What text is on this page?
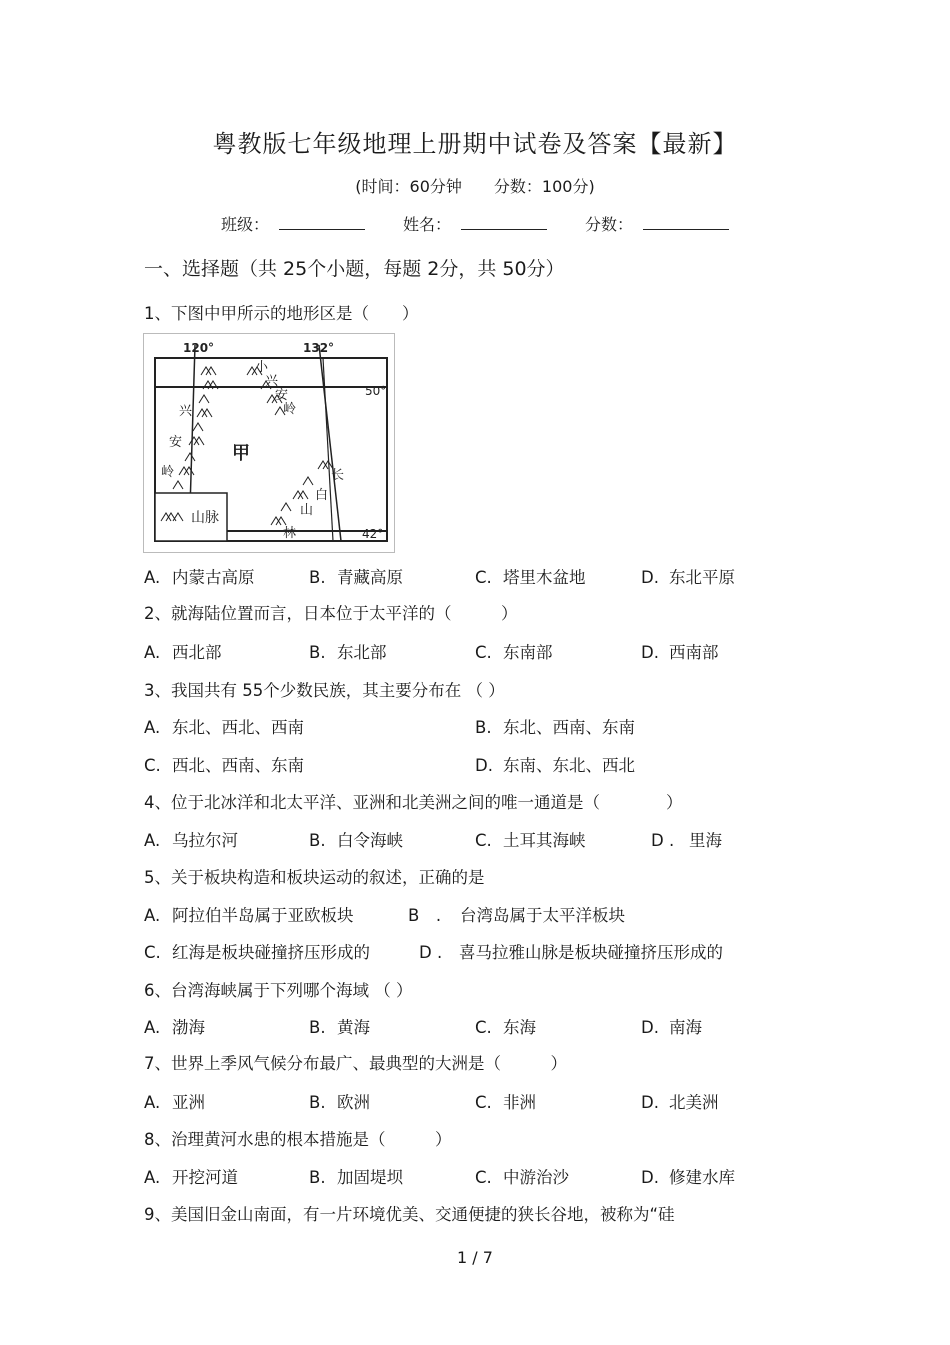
粤教版七年级地理上册期中试卷及答案【最新】
(时间：60分钟　　分数：100分)
班级：	姓名：	分数：
一、选择题（共 25个小题，每题 2分，共 50分）
1、下图中甲所示的地形区是（　　）
120°	132°
50°
42°
甲
小
兴
安
岭
兴
安
岭	长
白
山
林
山脉
A. 内蒙古高原	B. 青藏高原	C. 塔里木盆地	D. 东北平原
2、就海陆位置而言，日本位于太平洋的（　　　）
A. 西北部	B. 东北部	C. 东南部	D. 西南部
3、我国共有 55个少数民族，其主要分布在 （ ）
A. 东北、西北、西南	B. 东北、西南、东南
C. 西北、西南、东南	D. 东南、东北、西北
4、位于北冰洋和北太平洋、亚洲和北美洲之间的唯一通道是（　　　　）
A. 乌拉尔河	B. 白令海峡	C. 土耳其海峡	D . 里海
5、关于板块构造和板块运动的叙述，正确的是
A. 阿拉伯半岛属于亚欧板块	B　. 台湾岛属于太平洋板块
C. 红海是板块碰撞挤压形成的	D . 喜马拉雅山脉是板块碰撞挤压形成的
6、台湾海峡属于下列哪个海域 （ ）
A. 渤海	B. 黄海	C. 东海	D. 南海
7、世界上季风气候分布最广、最典型的大洲是（　　　）
A. 亚洲	B. 欧洲	C. 非洲	D. 北美洲
8、治理黄河水患的根本措施是（　　　）
A. 开挖河道	B. 加固堤坝	C. 中游治沙	D. 修建水库
9、美国旧金山南面，有一片环境优美、交通便捷的狭长谷地，被称为“硅
1 / 7
